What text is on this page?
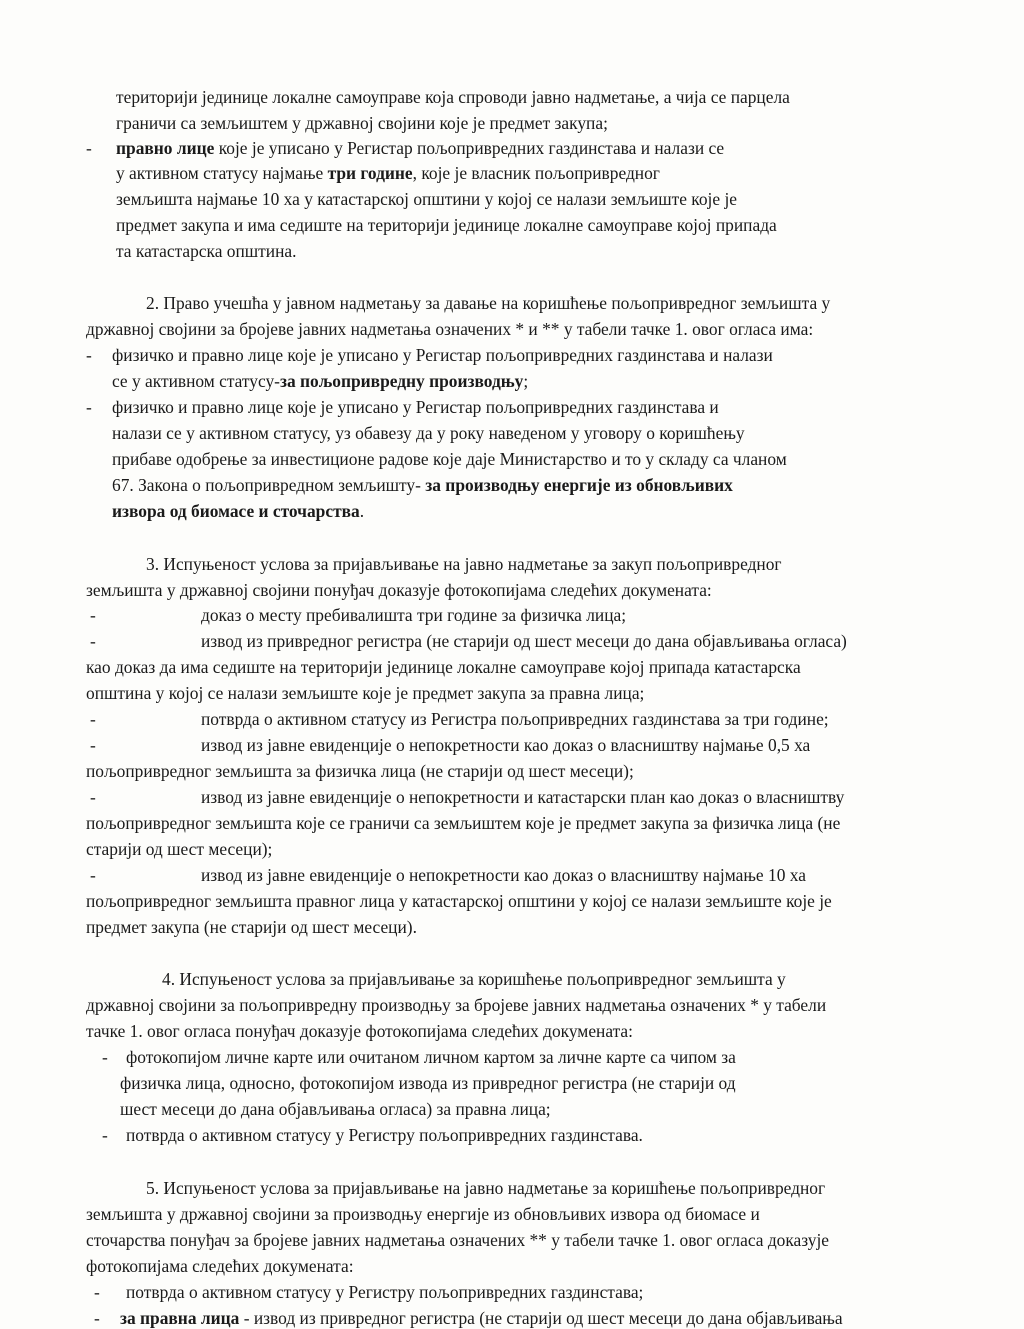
територији јединице локалне самоуправе која спроводи јавно надметање, а чија се парцела
граничи са земљиштем у државној својини које је предмет закупа;
- правно лице које је уписано у Регистар пољопривредних газдинстава и налази се
у активном статусу најмање три године, које је власник пољопривредног
земљишта најмање 10 ха у катастарској општини у којој се налази земљиште које је
предмет закупа и има седиште на територији јединице локалне самоуправе којој припада
та катастарска општина.
2. Право учешћа у јавном надметању за давање на коришћење пољопривредног земљишта у
државној својини за бројеве јавних надметања означених * и ** у табели тачке 1. овог огласа има:
- физичко и правно лице које је уписано у Регистар пољопривредних газдинстава и налази
се у активном статусу-за пољопривредну производњу;
- физичко и правно лице које је уписано у Регистар пољопривредних газдинстава и
налази се у активном статусу, уз обавезу да у року наведеном у уговору о коришћењу
прибаве одобрење за инвестиционе радове које даје Министарство и то у складу са чланом
67. Закона о пољопривредном земљишту- за производњу енергије из обновљивих
извора од биомасе и сточарства.
3. Испуњеност услова за пријављивање на јавно надметање за закуп пољопривредног
земљишта у државној својини понуђач доказује фотокопијама следећих докумената:
-	доказ о месту пребивалишта три године за физичка лица;
-	извод из привредног регистра (не старији од шест месеци до дана објављивања огласа)
као доказ да има седиште на територији јединице локалне самоуправе којој припада катастарска
општина у којој се налази земљиште које је предмет закупа за правна лица;
-	потврда о активном статусу из Регистра пољопривредних газдинстава за три године;
-	извод из јавне евиденције о непокретности као доказ о власништву најмање 0,5 ха
пољопривредног земљишта за физичка лица (не старији од шест месеци);
-	извод из јавне евиденције о непокретности и катастарски план као доказ о власништву
пољопривредног земљишта које се граничи са земљиштем које је предмет закупа за физичка лица (не
старији од шест месеци);
-	извод из јавне евиденције о непокретности као доказ о власништву најмање 10 ха
пољопривредног земљишта правног лица у катастарској општини у којој се налази земљиште које је
предмет закупа (не старији од шест месеци).
4. Испуњеност услова за пријављивање за коришћење пољопривредног земљишта у
државној својини за пољопривредну производњу за бројеве јавних надметања означених * у табели
тачке 1. овог огласа понуђач доказује фотокопијама следећих докумената:
- фотокопијом личне карте или очитаном личном картом за личне карте са чипом за
физичка лица, односно, фотокопијом извода из привредног регистра (не старији од
шест месеци до дана објављивања огласа) за правна лица;
- потврда о активном статусу у Регистру пољопривредних газдинстава.
5. Испуњеност услова за пријављивање на јавно надметање за коришћење пољопривредног
земљишта у државној својини за производњу енергије из обновљивих извора од биомасе и
сточарства понуђач за бројеве јавних надметања означених ** у табели тачке 1. овог огласа доказује
фотокопијама следећих докумената:
- потврда о активном статусу у Регистру пољопривредних газдинстава;
- за правна лица - извод из привредног регистра (не старији од шест месеци до дана објављивања
